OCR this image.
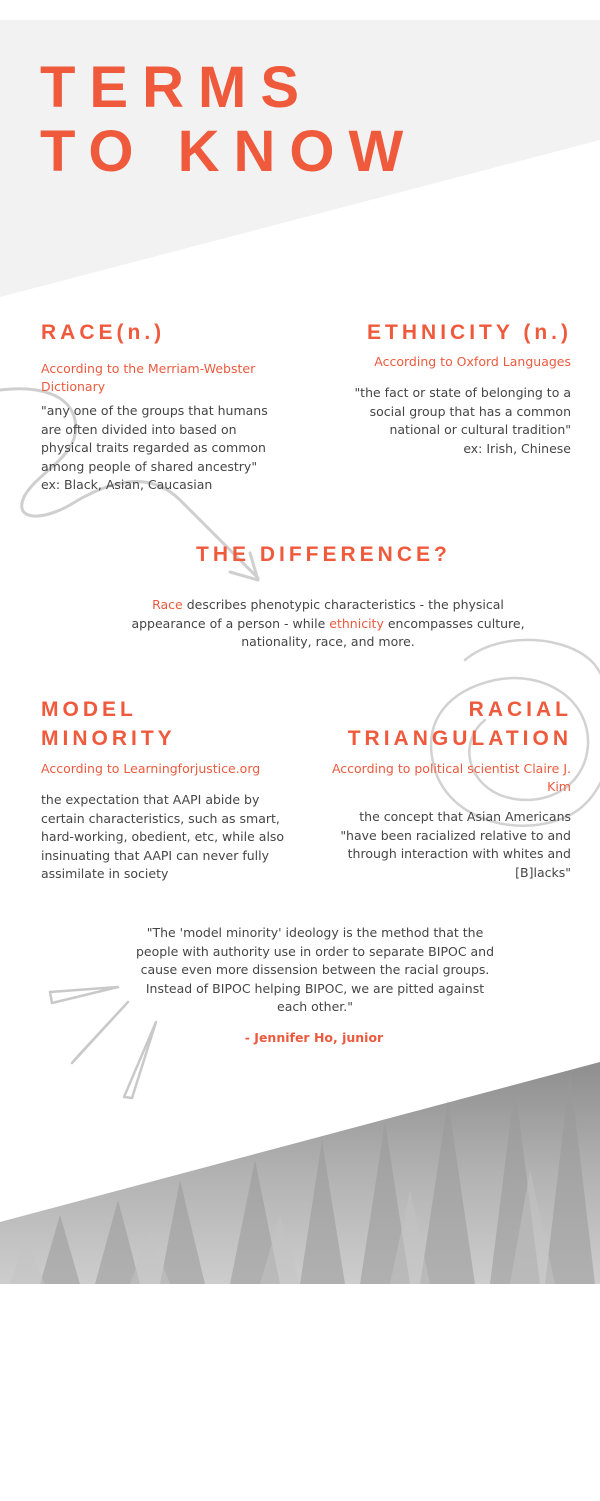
TERMS
TO KNOW
RACE(n.)
According to the Merriam-Webster Dictionary
"any one of the groups that humans are often divided into based on physical traits regarded as common among people of shared ancestry"
ex: Black, Asian, Caucasian
ETHNICITY (n.)
According to Oxford Languages
"the fact or state of belonging to a social group that has a common national or cultural tradition"
ex: Irish, Chinese
THE DIFFERENCE?
Race describes phenotypic characteristics - the physical appearance of a person - while ethnicity encompasses culture, nationality, race, and more.
MODEL
MINORITY
According to Learningforjustice.org
the expectation that AAPI abide by certain characteristics, such as smart, hard-working, obedient, etc, while also insinuating that AAPI can never fully assimilate in society
RACIAL
TRIANGULATION
According to political scientist Claire J. Kim
the concept that Asian Americans "have been racialized relative to and through interaction with whites and [B]lacks"
"The 'model minority' ideology is the method that the people with authority use in order to separate BIPOC and cause even more dissension between the racial groups. Instead of BIPOC helping BIPOC, we are pitted against each other."
- Jennifer Ho, junior
